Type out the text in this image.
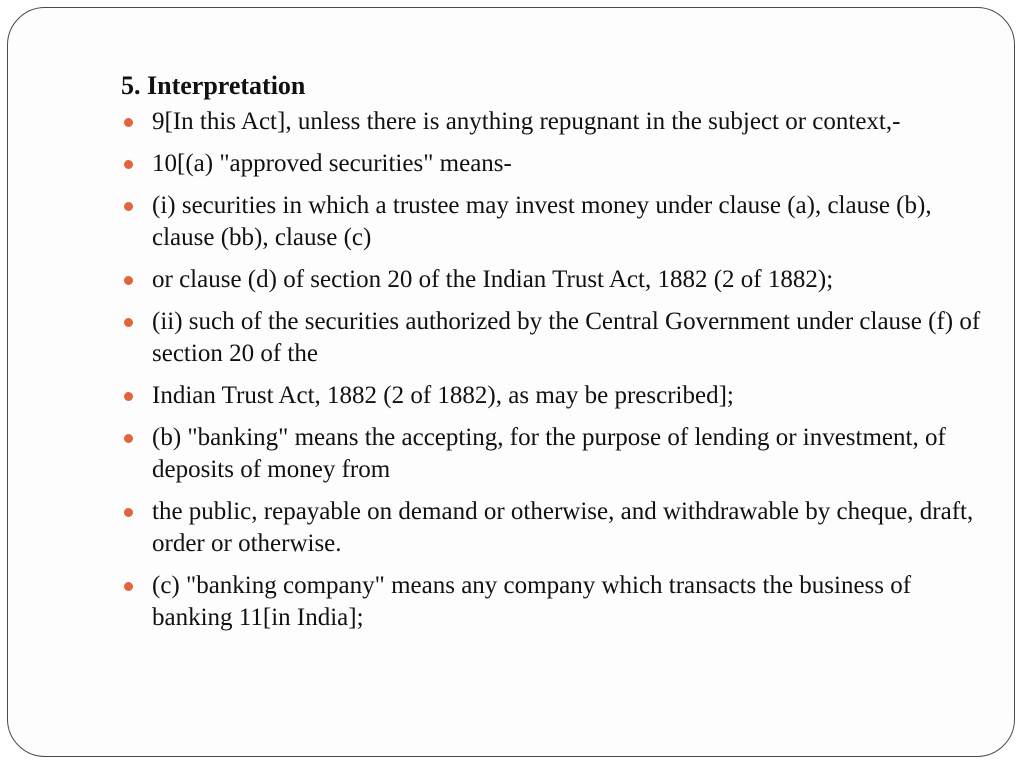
5. Interpretation
9[In this Act], unless there is anything repugnant in the subject or context,-
10[(a) "approved securities" means-
(i) securities in which a trustee may invest money under clause (a), clause (b), clause (bb), clause (c)
or clause (d) of section 20 of the Indian Trust Act, 1882 (2 of 1882);
(ii) such of the securities authorized by the Central Government under clause (f) of section 20 of the
Indian Trust Act, 1882 (2 of 1882), as may be prescribed];
(b) "banking" means the accepting, for the purpose of lending or investment, of deposits of money from
the public, repayable on demand or otherwise, and withdrawable by cheque, draft, order or otherwise.
(c) "banking company" means any company which transacts the business of banking 11[in India];
